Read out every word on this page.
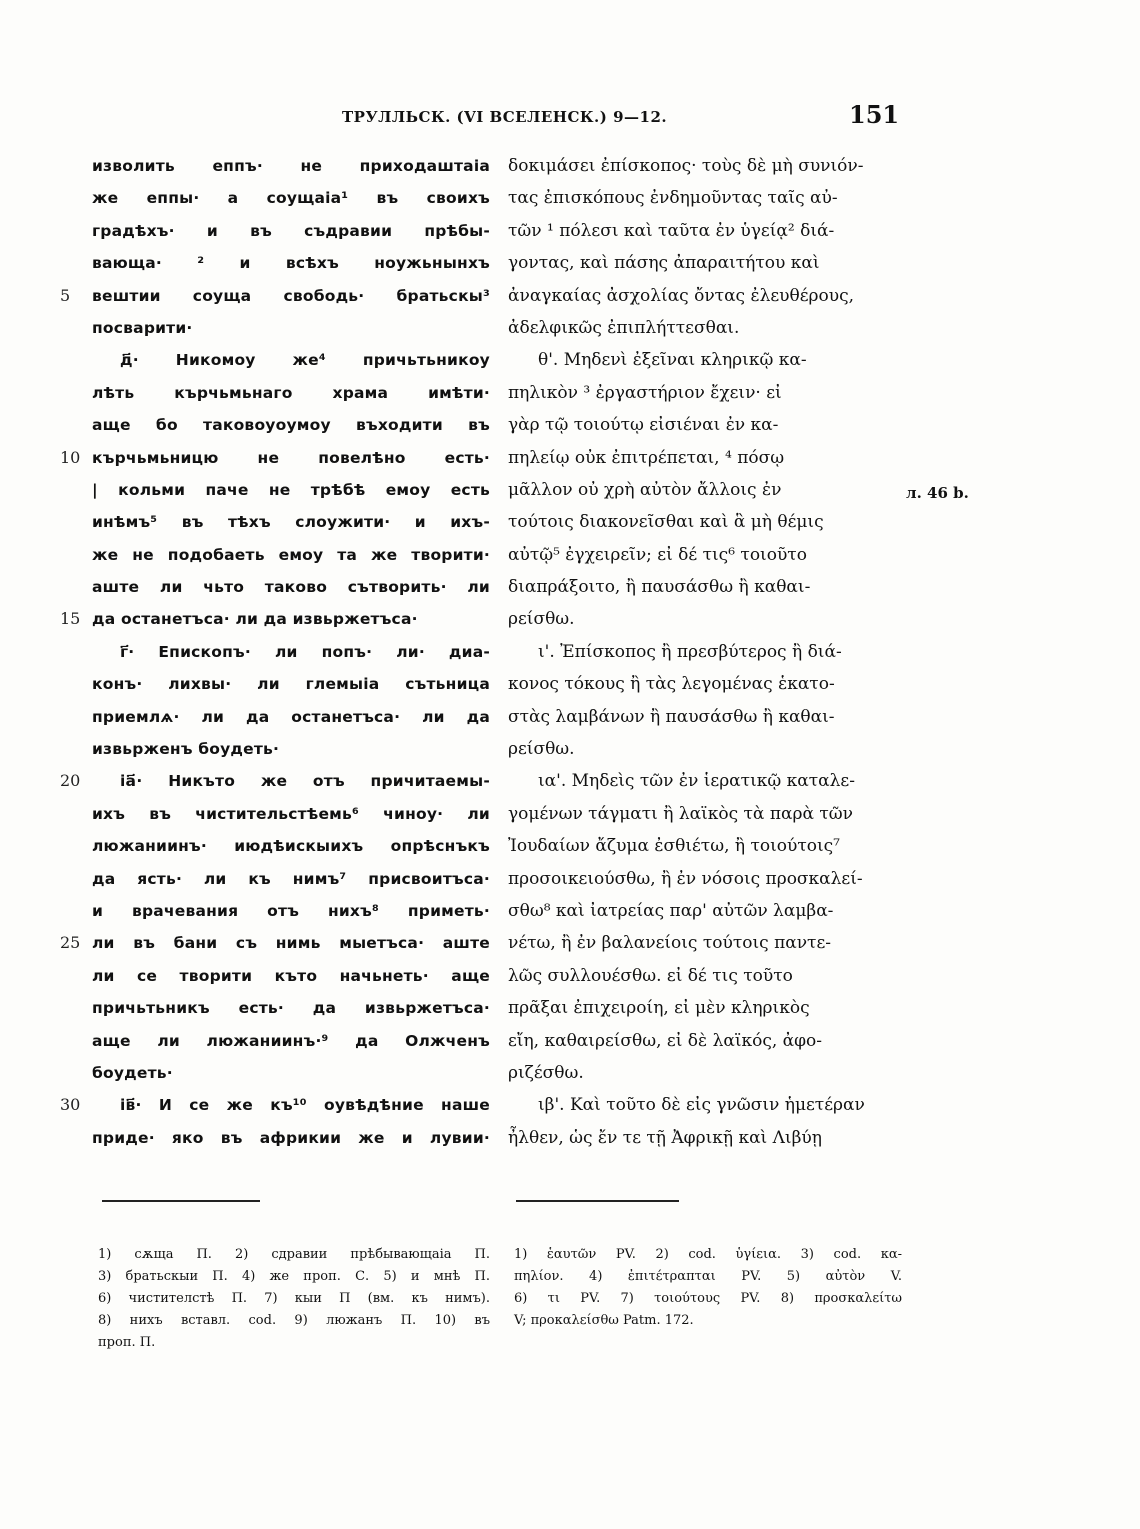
ТРУЛЛЬСК. (VI ВСЕЛЕНСК.) 9—12.	151
изволить еппъ· не приходаштаia
же еппы· а соущаia¹ въ своихъ
градѣхъ· и въ съдравии прѣбы-
вающа· ² и всѣхъ ноужьнынхъ
5	вештии соуща свободь· братьскы³
посварити·
д҃· Никомоу же⁴ причьтьникоу
лѣть кърчьмьнаго храма имѣти·
аще бо таковоуоумоу въходити въ
10 кърчьмьницю не повелѣно есть·
| кольми паче не трѣбѣ емоу есть
инѣмъ⁵ въ тѣхъ слоужити· и ихъ-
же не подобаеть емоу та же творити·
аште ли чьто таково сътворить· ли
15 да останетъса· ли да извьржетъса·
г҃· Епископъ· ли попъ· ли· диа-
конъ· лихвы· ли глемыia сътьница
приемлѧ· ли да останетъса· ли да
извьрженъ боудеть·
20	ia҃· Никъто же отъ причитаемы-
ихъ въ чистительстѣемь⁶ чиноу· ли
люжаниинъ· июдѣискыихъ опрѣснъкъ
да ясть· ли къ нимъ⁷ присвоитъса·
и врачевания отъ нихъ⁸ приметь·
25 ли въ бани съ нимь мыетъса· аште
ли се творити къто начьнеть· аще
причьтьникъ есть· да извьржетъса·
аще ли люжаниинъ·⁹ да Олжченъ
боудеть·
30	iв҃· И се же къ¹⁰ оувѣдѣние наше
приде· яко въ африкии же и лувии·
δοκιμάσει ἐπίσκοπος· τοὺς δὲ μὴ συνιόν-
τας ἐπισκόπους ἐνδημοῦντας ταῖς αὐ-
τῶν ¹ πόλεσι καὶ ταῦτα ἐν ὑγείᾳ² διά-
γοντας, καὶ πάσης ἀπαραιτήτου καὶ
ἀναγκαίας ἀσχολίας ὄντας ἐλευθέρους,
ἀδελφικῶς ἐπιπλήττεσθαι.
θ'. Μηδενὶ ἐξεῖναι κληρικῷ κα-
πηλικὸν ³ ἐργαστήριον ἔχειν· εἰ
γὰρ τῷ τοιούτῳ εἰσιέναι ἐν κα-
πηλείῳ οὐκ ἐπιτρέπεται, ⁴ πόσῳ
μᾶλλον οὐ χρὴ αὐτὸν ἄλλοις ἐν
τούτοις διακονεῖσθαι καὶ ἃ μὴ θέμις
αὐτῷ⁵ ἐγχειρεῖν; εἰ δέ τις⁶ τοιοῦτο
διαπράξοιτο, ἢ παυσάσθω ἢ καθαι-
ρείσθω.
ι'. Ἐπίσκοπος ἢ πρεσβύτερος ἢ διά-
κονος τόκους ἢ τὰς λεγομένας ἑκατο-
στὰς λαμβάνων ἢ παυσάσθω ἢ καθαι-
ρείσθω.
ια'. Μηδεὶς τῶν ἐν ἱερατικῷ καταλε-
γομένων τάγματι ἢ λαϊκὸς τὰ παρὰ τῶν
Ἰουδαίων ἄζυμα ἐσθιέτω, ἢ τοιούτοις⁷
προσοικειούσθω, ἢ ἐν νόσοις προσκαλεί-
σθω⁸ καὶ ἰατρείας παρ' αὐτῶν λαμβα-
νέτω, ἢ ἐν βαλανείοις τούτοις παντε-
λῶς συλλουέσθω. εἰ δέ τις τοῦτο
πρᾶξαι ἐπιχειροίη, εἰ μὲν κληρικὸς
εἴη, καθαιρείσθω, εἰ δὲ λαϊκός, ἀφο-
ριζέσθω.
ιβ'. Καὶ τοῦτο δὲ εἰς γνῶσιν ἡμετέραν
ἦλθεν, ὡς ἔν τε τῇ Ἀφρικῇ καὶ Λιβύῃ
л. 46 b.
1) сѫща П. 2) сдравии прѣбывающаiа П.
3) братьскыи П. 4) же проп. С. 5) и мнѣ П.
6) чистителстѣ П. 7) кыи П (вм. къ нимъ).
8) нихъ вставл. cod. 9) люжанъ П. 10) въ
проп. П.
1) ἑαυτῶν PV. 2) cod. ὑγίεια. 3) cod. κα-
πηλίον. 4) ἐπιτέτραπται PV. 5) αὐτὸν V.
6) τι PV. 7) τοιούτους PV. 8) προσκαλείτω
V; προκαλείσθω Patm. 172.
